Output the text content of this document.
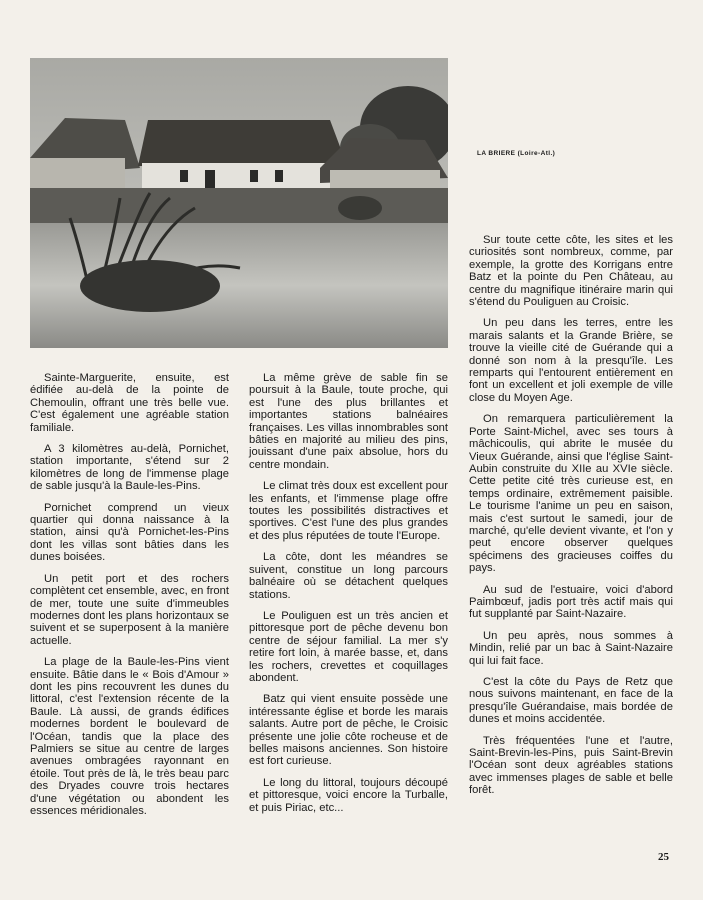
LA BRIERE (Loire-Atl.)

Sainte-Marguerite, ensuite, est édifiée au-delà de la pointe de Chemoulin, offrant une très belle vue. C'est également une agréable station familiale.

A 3 kilomètres au-delà, Pornichet, station importante, s'étend sur 2 kilomètres de long de l'immense plage de sable jusqu'à la Baule-les-Pins.

Pornichet comprend un vieux quartier qui donna naissance à la station, ainsi qu'à Pornichet-les-Pins dont les villas sont bâties dans les dunes boisées.

Un petit port et des rochers complètent cet ensemble, avec, en front de mer, toute une suite d'immeubles modernes dont les plans horizontaux se suivent et se superposent à la manière actuelle.

La plage de la Baule-les-Pins vient ensuite. Bâtie dans le « Bois d'Amour » dont les pins recouvrent les dunes du littoral, c'est l'extension récente de la Baule. Là aussi, de grands édifices modernes bordent le boulevard de l'Océan, tandis que la place des Palmiers se situe au centre de larges avenues ombragées rayonnant en étoile. Tout près de là, le très beau parc des Dryades couvre trois hectares d'une végétation ou abondent les essences méridionales.

La même grève de sable fin se poursuit à la Baule, toute proche, qui est l'une des plus brillantes et importantes stations balnéaires françaises. Les villas innombrables sont bâties en majorité au milieu des pins, jouissant d'une paix absolue, hors du centre mondain.

Le climat très doux est excellent pour les enfants, et l'immense plage offre toutes les possibilités distractives et sportives. C'est l'une des plus grandes et des plus réputées de toute l'Europe.

La côte, dont les méandres se suivent, constitue un long parcours balnéaire où se détachent quelques stations.

Le Pouliguen est un très ancien et pittoresque port de pêche devenu bon centre de séjour familial. La mer s'y retire fort loin, à marée basse, et, dans les rochers, crevettes et coquillages abondent.

Batz qui vient ensuite possède une intéressante église et borde les marais salants. Autre port de pêche, le Croisic présente une jolie côte rocheuse et de belles maisons anciennes. Son histoire est fort curieuse.

Le long du littoral, toujours découpé et pittoresque, voici encore la Turballe, et puis Piriac, etc...

Sur toute cette côte, les sites et les curiosités sont nombreux, comme, par exemple, la grotte des Korrigans entre Batz et la pointe du Pen Château, au centre du magnifique itinéraire marin qui s'étend du Pouliguen au Croisic.

Un peu dans les terres, entre les marais salants et la Grande Brière, se trouve la vieille cité de Guérande qui a donné son nom à la presqu'île. Les remparts qui l'entourent entièrement en font un excellent et joli exemple de ville close du Moyen Age.

On remarquera particulièrement la Porte Saint-Michel, avec ses tours à mâchicoulis, qui abrite le musée du Vieux Guérande, ainsi que l'église Saint-Aubin construite du XIIe au XVIe siècle. Cette petite cité très curieuse est, en temps ordinaire, extrêmement paisible. Le tourisme l'anime un peu en saison, mais c'est surtout le samedi, jour de marché, qu'elle devient vivante, et l'on y peut encore observer quelques spécimens des gracieuses coiffes du pays.

Au sud de l'estuaire, voici d'abord Paimbœuf, jadis port très actif mais qui fut supplanté par Saint-Nazaire.

Un peu après, nous sommes à Mindin, relié par un bac à Saint-Nazaire qui lui fait face.

C'est la côte du Pays de Retz que nous suivons maintenant, en face de la presqu'île Guérandaise, mais bordée de dunes et moins accidentée.

Très fréquentées l'une et l'autre, Saint-Brevin-les-Pins, puis Saint-Brevin l'Océan sont deux agréables stations avec immenses plages de sable et belle forêt.

25
